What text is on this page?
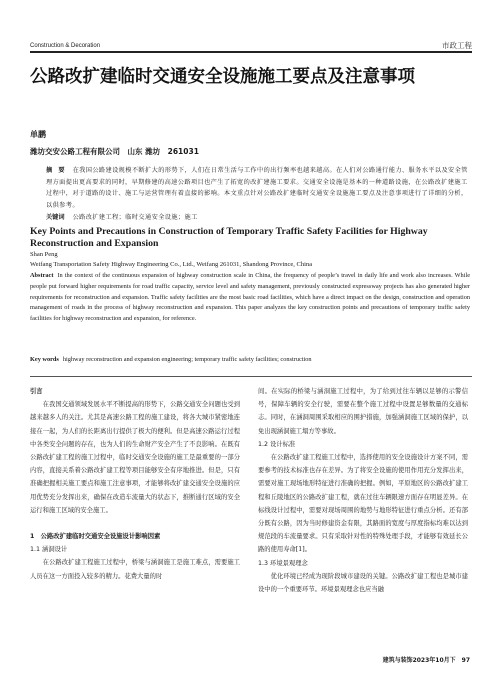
Construction & Decoration	市政工程
公路改扩建临时交通安全设施施工要点及注意事项
单鹏
潍坊交安公路工程有限公司　山东 潍坊　261031
摘　要 在我国公路建设规模不断扩大的形势下，人们在日常生活与工作中的出行频率也越来越高。在人们对公路通行能力、服务水平以及安全管理方面提出更高要求的同时，早期修建的高速公路项目也产生了拓宽的改扩建施工要求。交通安全设施是基本的一种道路设施，在公路改扩建施工过程中，对于道路的设计、施工与运营管理有着直接的影响。本文重点针对公路改扩建临时交通安全设施施工要点及注意事项进行了详细的分析，以供参考。
关键词 公路改扩建工程；临时交通安全设施；施工
Key Points and Precautions in Construction of Temporary Traffic Safety Facilities for Highway Reconstruction and Expansion
Shan Peng
Weifang Transportation Safety Highway Engineering Co., Ltd., Weifang 261031, Shandong Province, China
Abstract In the context of the continuous expansion of highway construction scale in China, the frequency of people’s travel in daily life and work also increases. While people put forward higher requirements for road traffic capacity, service level and safety management, previously constructed expressway projects has also generated higher requirements for reconstruction and expansion. Traffic safety facilities are the most basic road facilities, which have a direct impact on the design, construction and operation management of roads in the process of highway reconstruction and expansion. This paper analyzes the key construction points and precautions of temporary traffic safety facilities for highway reconstruction and expansion, for reference.
Key words highway reconstruction and expansion engineering; temporary traffic safety facilities; construction
引言

在我国交通领域发展水平不断提高的形势下，公路交通安全问题也受到越来越多人的关注。尤其是高速公路工程的施工建设，将各大城市紧密地连接在一起，为人们的长距离出行提供了极大的便利。但是高速公路运行过程中各类安全问题的存在，也为人们的生命财产安全产生了不良影响。在既有公路改扩建工程的施工过程中，临时交通安全设施的施工是最重要的一部分内容，直接关系着公路改扩建工程等项目能够安全有序地推进。但是，只有准确把握相关施工要点和施工注意事项，才能够将改扩建交通安全设施的应用优势充分发挥出来，确保在改造车流量大的状态下，推断通行区域的安全运行和施工区域的安全施工。

1　公路改扩建临时交通安全设施设计影响因素
1.1 涵洞设计

在公路改扩建工程施工过程中，桥梁与涵洞施工是施工难点，需要施工人员在这一方面投入较多的精力。花费大量的时

间。在实际的桥梁与涵洞施工过程中，为了给到过往车辆以足够的示警信号，保障车辆的安全行驶，需要在整个施工过程中设置足够数量的交通标志。同时，在涵洞周围采取相应的围护措施，加强涵洞施工区域的保护，以免出现涵洞施工塌方等事故。

1.2 设计标准

在公路改扩建工程施工过程中，选择使用的安全设施设计方案不同，需要参考的技术标准也存在差异。为了将安全设施的使用作用充分发挥出来，需要对施工现场地形特征进行准确的把握。例如，平原地区的公路改扩建工程和丘陵地区的公路改扩建工程，就在过往车辆限速方面存在明显差异。在标线设计过程中，需要对现场周围的地势与地形特征进行重点分析。还有部分既有公路，因为当时修建资金有限，其路面的宽度与厚度指标均难以达到规范段的车流量要求。只有采取针对性的特殊处理手段，才能够有效延长公路的使用寿命[1]。

1.3 环境景观理念

优化环境已经成为现阶段城市建设的关键。公路改扩建工程也是城市建设中的一个重要环节。环境景观理念也应当融

建筑与装饰2023年10月下 97
